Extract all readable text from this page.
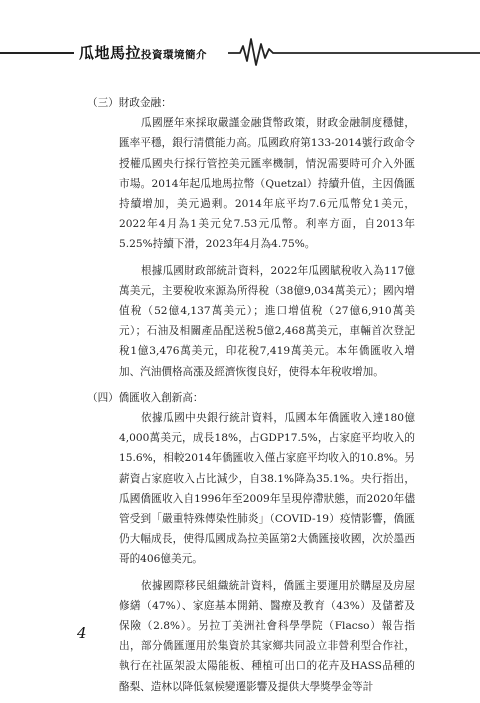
瓜地馬拉投資環境簡介

（三）財政金融：

瓜國歷年來採取嚴謹金融貨幣政策，財政金融制度穩健，匯率平穩，銀行清償能力高。瓜國政府第133-2014號行政命令授權瓜國央行採行管控美元匯率機制，情況需要時可介入外匯市場。2014年起瓜地馬拉幣（Quetzal）持續升值，主因僑匯持續增加，美元過剩。2014年底平均7.6元瓜幣兌1美元，2022年4月為1美元兌7.53元瓜幣。利率方面，自2013年5.25%持續下滑，2023年4月為4.75%。

根據瓜國財政部統計資料，2022年瓜國賦稅收入為117億萬美元，主要稅收來源為所得稅（38億9,034萬美元）；國內增值稅（52億4,137萬美元）；進口增值稅（27億6,910萬美元）；石油及相關產品配送稅5億2,468萬美元，車輛首次登記稅1億3,476萬美元，印花稅7,419萬美元。本年僑匯收入增加、汽油價格高漲及經濟恢復良好，使得本年稅收增加。

（四）僑匯收入創新高：

依據瓜國中央銀行統計資料，瓜國本年僑匯收入達180億4,000萬美元，成長18%，占GDP17.5%，占家庭平均收入的15.6%，相較2014年僑匯收入僅占家庭平均收入的10.8%。另薪資占家庭收入占比減少，自38.1%降為35.1%。央行指出，瓜國僑匯收入自1996年至2009年呈現停滯狀態，而2020年儘管受到「嚴重特殊傳染性肺炎」（COVID-19）疫情影響，僑匯仍大幅成長，使得瓜國成為拉美區第2大僑匯接收國，次於墨西哥的406億美元。

依據國際移民組織統計資料，僑匯主要運用於購屋及房屋修繕（47%）、家庭基本開銷、醫療及教育（43%）及儲蓄及保險（2.8%）。另拉丁美洲社會科學學院（Flacso）報告指出，部分僑匯運用於集資於其家鄉共同設立非營利型合作社，執行在社區架設太陽能板、種植可出口的花卉及HASS品種的酪梨、造林以降低氣候變遷影響及提供大學獎學金等計

4
